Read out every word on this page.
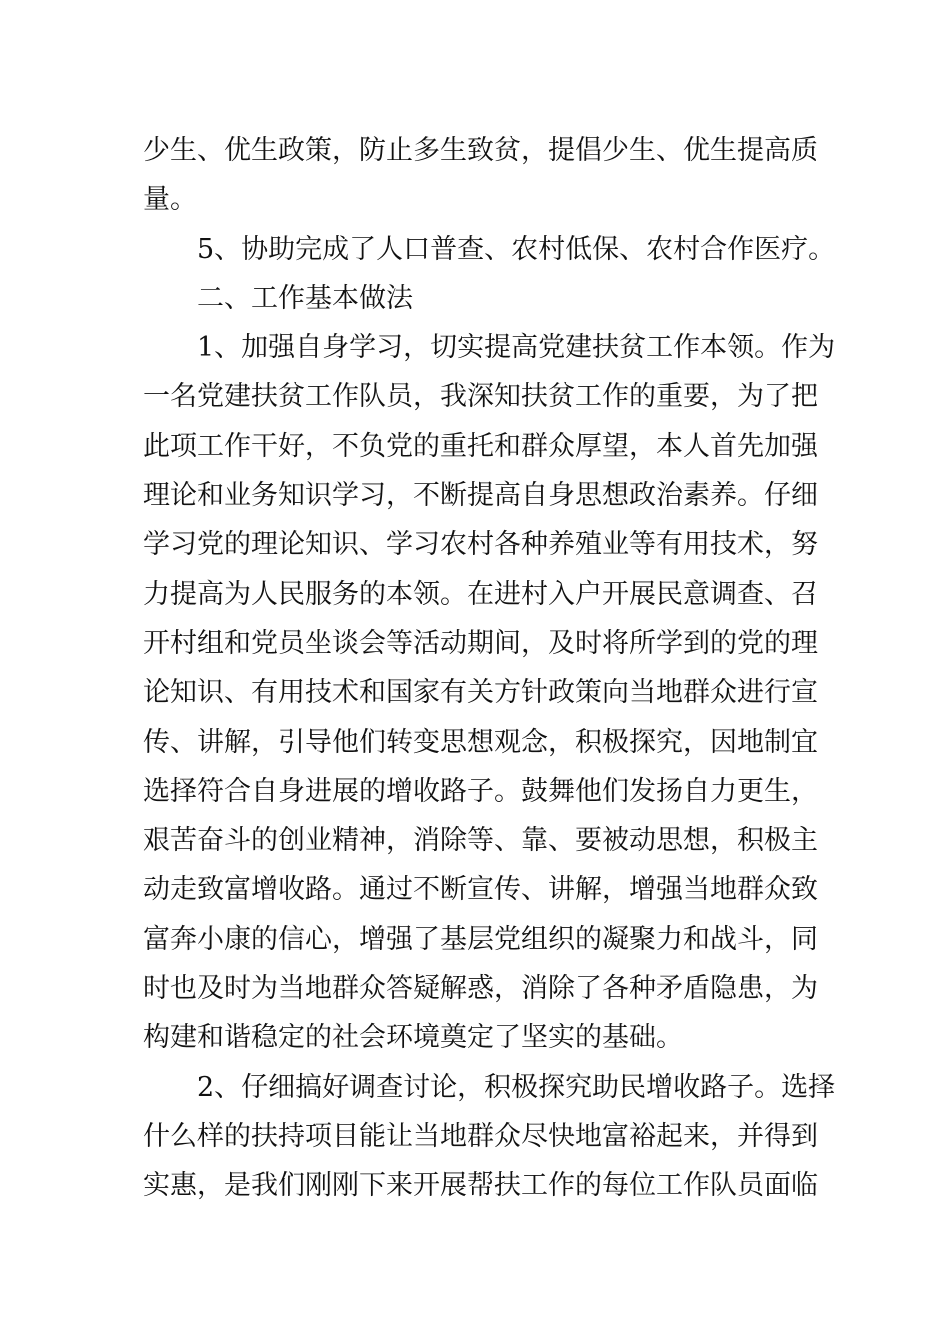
少生、优生政策，防止多生致贫，提倡少生、优生提高质
量。
5、协助完成了人口普查、农村低保、农村合作医疗。
二、工作基本做法
1、加强自身学习，切实提高党建扶贫工作本领。作为
一名党建扶贫工作队员，我深知扶贫工作的重要，为了把
此项工作干好，不负党的重托和群众厚望，本人首先加强
理论和业务知识学习，不断提高自身思想政治素养。仔细
学习党的理论知识、学习农村各种养殖业等有用技术，努
力提高为人民服务的本领。在进村入户开展民意调查、召
开村组和党员坐谈会等活动期间，及时将所学到的党的理
论知识、有用技术和国家有关方针政策向当地群众进行宣
传、讲解，引导他们转变思想观念，积极探究，因地制宜
选择符合自身进展的增收路子。鼓舞他们发扬自力更生，
艰苦奋斗的创业精神，消除等、靠、要被动思想，积极主
动走致富增收路。通过不断宣传、讲解，增强当地群众致
富奔小康的信心，增强了基层党组织的凝聚力和战斗，同
时也及时为当地群众答疑解惑，消除了各种矛盾隐患，为
构建和谐稳定的社会环境奠定了坚实的基础。
2、仔细搞好调查讨论，积极探究助民增收路子。选择
什么样的扶持项目能让当地群众尽快地富裕起来，并得到
实惠，是我们刚刚下来开展帮扶工作的每位工作队员面临
